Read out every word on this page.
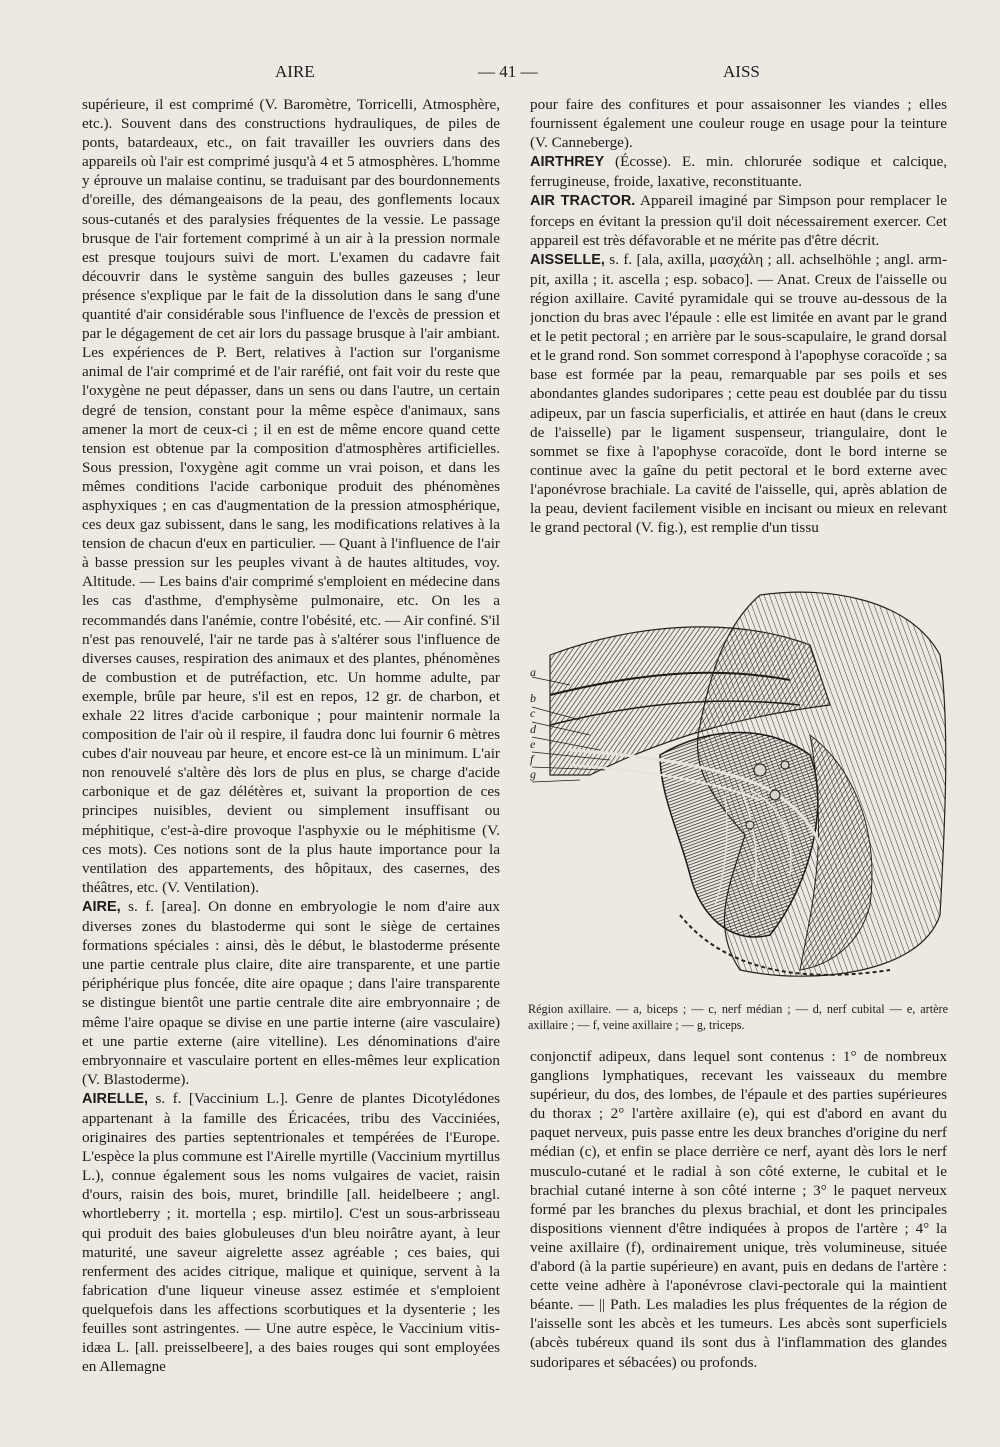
AIRE	— 41 —	AISS

supérieure, il est comprimé (V. Baromètre, Torricelli, Atmosphère, etc.). Souvent dans des constructions hydrauliques, de piles de ponts, batardeaux, etc., on fait travailler les ouvriers dans des appareils où l'air est comprimé jusqu'à 4 et 5 atmosphères. L'homme y éprouve un malaise continu, se traduisant par des bourdonnements d'oreille, des démangeaisons de la peau, des gonflements locaux sous-cutanés et des paralysies fréquentes de la vessie. Le passage brusque de l'air fortement comprimé à un air à la pression normale est presque toujours suivi de mort. L'examen du cadavre fait découvrir dans le système sanguin des bulles gazeuses ; leur présence s'explique par le fait de la dissolution dans le sang d'une quantité d'air considérable sous l'influence de l'excès de pression et par le dégagement de cet air lors du passage brusque à l'air ambiant. Les expériences de P. Bert, relatives à l'action sur l'organisme animal de l'air comprimé et de l'air raréfié, ont fait voir du reste que l'oxygène ne peut dépasser, dans un sens ou dans l'autre, un certain degré de tension, constant pour la même espèce d'animaux, sans amener la mort de ceux-ci ; il en est de même encore quand cette tension est obtenue par la composition d'atmosphères artificielles. Sous pression, l'oxygène agit comme un vrai poison, et dans les mêmes conditions l'acide carbonique produit des phénomènes asphyxiques ; en cas d'augmentation de la pression atmosphérique, ces deux gaz subissent, dans le sang, les modifications relatives à la tension de chacun d'eux en particulier. — Quant à l'influence de l'air à basse pression sur les peuples vivant à de hautes altitudes, voy. Altitude. — Les bains d'air comprimé s'emploient en médecine dans les cas d'asthme, d'emphysème pulmonaire, etc. On les a recommandés dans l'anémie, contre l'obésité, etc. — Air confiné. S'il n'est pas renouvelé, l'air ne tarde pas à s'altérer sous l'influence de diverses causes, respiration des animaux et des plantes, phénomènes de combustion et de putréfaction, etc. Un homme adulte, par exemple, brûle par heure, s'il est en repos, 12 gr. de charbon, et exhale 22 litres d'acide carbonique ; pour maintenir normale la composition de l'air où il respire, il faudra donc lui fournir 6 mètres cubes d'air nouveau par heure, et encore est-ce là un minimum. L'air non renouvelé s'altère dès lors de plus en plus, se charge d'acide carbonique et de gaz délétères et, suivant la proportion de ces principes nuisibles, devient ou simplement insuffisant ou méphitique, c'est-à-dire provoque l'asphyxie ou le méphitisme (V. ces mots). Ces notions sont de la plus haute importance pour la ventilation des appartements, des hôpitaux, des casernes, des théâtres, etc. (V. Ventilation).

AIRE, s. f. [area]. On donne en embryologie le nom d'aire aux diverses zones du blastoderme qui sont le siège de certaines formations spéciales : ainsi, dès le début, le blastoderme présente une partie centrale plus claire, dite aire transparente, et une partie périphérique plus foncée, dite aire opaque ; dans l'aire transparente se distingue bientôt une partie centrale dite aire embryonnaire ; de même l'aire opaque se divise en une partie interne (aire vasculaire) et une partie externe (aire vitelline). Les dénominations d'aire embryonnaire et vasculaire portent en elles-mêmes leur explication (V. Blastoderme).

AIRELLE, s. f. [Vaccinium L.]. Genre de plantes Dicotylédones appartenant à la famille des Éricacées, tribu des Vacciniées, originaires des parties septentrionales et tempérées de l'Europe. L'espèce la plus commune est l'Airelle myrtille (Vaccinium myrtillus L.), connue également sous les noms vulgaires de vaciet, raisin d'ours, raisin des bois, muret, brindille [all. heidelbeere ; angl. whortleberry ; it. mortella ; esp. mirtilo]. C'est un sous-arbrisseau qui produit des baies globuleuses d'un bleu noirâtre ayant, à leur maturité, une saveur aigrelette assez agréable ; ces baies, qui renferment des acides citrique, malique et quinique, servent à la fabrication d'une liqueur vineuse assez estimée et s'emploient quelquefois dans les affections scorbutiques et la dysenterie ; les feuilles sont astringentes. — Une autre espèce, le Vaccinium vitis-idæa L. [all. preisselbeere], a des baies rouges qui sont employées en Allemagne

pour faire des confitures et pour assaisonner les viandes ; elles fournissent également une couleur rouge en usage pour la teinture (V. Canneberge).

AIRTHREY (Écosse). E. min. chlorurée sodique et calcique, ferrugineuse, froide, laxative, reconstituante.

AIR TRACTOR. Appareil imaginé par Simpson pour remplacer le forceps en évitant la pression qu'il doit nécessairement exercer. Cet appareil est très défavorable et ne mérite pas d'être décrit.

AISSELLE, s. f. [ala, axilla, μασχάλη ; all. achselhöhle ; angl. arm-pit, axilla ; it. ascella ; esp. sobaco]. — Anat. Creux de l'aisselle ou région axillaire. Cavité pyramidale qui se trouve au-dessous de la jonction du bras avec l'épaule : elle est limitée en avant par le grand et le petit pectoral ; en arrière par le sous-scapulaire, le grand dorsal et le grand rond. Son sommet correspond à l'apophyse coracoïde ; sa base est formée par la peau, remarquable par ses poils et ses abondantes glandes sudoripares ; cette peau est doublée par du tissu adipeux, par un fascia superficialis, et attirée en haut (dans le creux de l'aisselle) par le ligament suspenseur, triangulaire, dont le sommet se fixe à l'apophyse coracoïde, dont le bord interne se continue avec la gaîne du petit pectoral et le bord externe avec l'aponévrose brachiale. La cavité de l'aisselle, qui, après ablation de la peau, devient facilement visible en incisant ou mieux en relevant le grand pectoral (V. fig.), est remplie d'un tissu

a
b
c
d
e
f
g
Région axillaire. — a, biceps ; — c, nerf médian ; — d, nerf cubital — e, artère axillaire ; — f, veine axillaire ; — g, triceps.

conjonctif adipeux, dans lequel sont contenus : 1° de nombreux ganglions lymphatiques, recevant les vaisseaux du membre supérieur, du dos, des lombes, de l'épaule et des parties supérieures du thorax ; 2° l'artère axillaire (e), qui est d'abord en avant du paquet nerveux, puis passe entre les deux branches d'origine du nerf médian (c), et enfin se place derrière ce nerf, ayant dès lors le nerf musculo-cutané et le radial à son côté externe, le cubital et le brachial cutané interne à son côté interne ; 3° le paquet nerveux formé par les branches du plexus brachial, et dont les principales dispositions viennent d'être indiquées à propos de l'artère ; 4° la veine axillaire (f), ordinairement unique, très volumineuse, située d'abord (à la partie supérieure) en avant, puis en dedans de l'artère : cette veine adhère à l'aponévrose clavi-pectorale qui la maintient béante. — || Path. Les maladies les plus fréquentes de la région de l'aisselle sont les abcès et les tumeurs. Les abcès sont superficiels (abcès tubéreux quand ils sont dus à l'inflammation des glandes sudoripares et sébacées) ou profonds.
